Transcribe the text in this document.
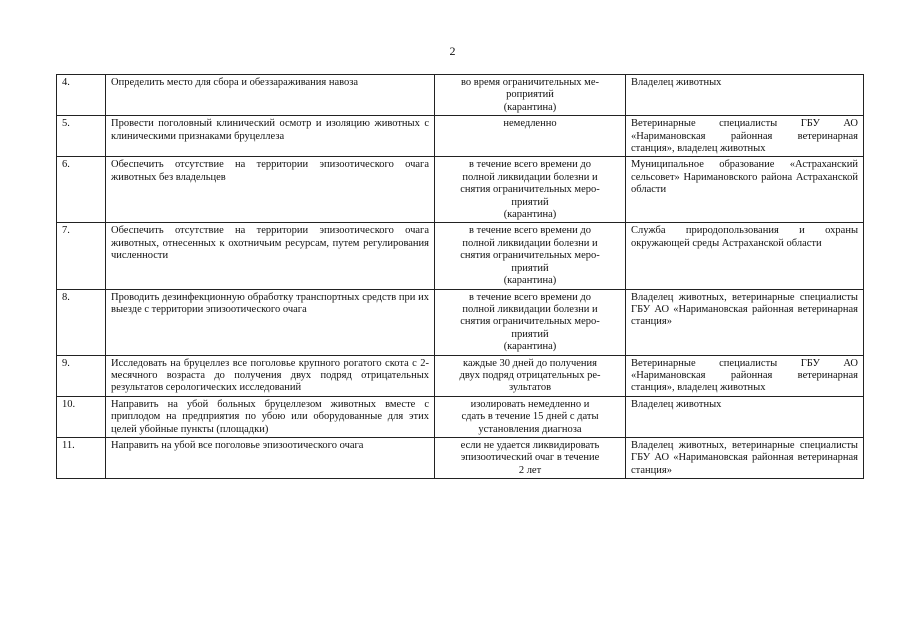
2
4.	Определить место для сбора и обеззараживания навоза	во время ограничительных ме-
роприятий
(карантина)	Владелец животных
5.	Провести поголовный клинический осмотр и изоляцию животных с клиническими признаками бруцеллеза	немедленно	Ветеринарные специалисты ГБУ АО «Наримановская районная ветеринарная станция», владелец животных
6.	Обеспечить отсутствие на территории эпизоотического очага животных без владельцев	в течение всего времени до
полной ликвидации болезни и
снятия ограничительных меро-
приятий
(карантина)	Муниципальное образование «Астраханский сельсовет» Наримановского района Астраханской области
7.	Обеспечить отсутствие на территории эпизоотического очага животных, отнесенных к охотничьим ресурсам, путем регулирования численности	в течение всего времени до
полной ликвидации болезни и
снятия ограничительных меро-
приятий
(карантина)	Служба природопользования и охраны окружающей среды Астраханской области
8.	Проводить дезинфекционную обработку транспортных средств при их выезде с территории эпизоотического очага	в течение всего времени до
полной ликвидации болезни и
снятия ограничительных меро-
приятий
(карантина)	Владелец животных, ветеринарные специалисты ГБУ АО «Наримановская районная ветеринарная станция»
9.	Исследовать на бруцеллез все поголовье крупного рогатого скота с 2-месячного возраста до получения двух подряд отрицательных результатов серологических исследований	каждые 30 дней до получения
двух подряд отрицательных ре-
зультатов	Ветеринарные специалисты ГБУ АО «Наримановская районная ветеринарная станция», владелец животных
10.	Направить на убой больных бруцеллезом животных вместе с приплодом на предприятия по убою или оборудованные для этих целей убойные пункты (площадки)	изолировать немедленно и
сдать в течение 15 дней с даты
установления диагноза	Владелец животных
11.	Направить на убой все поголовье эпизоотического очага	если не удается ликвидировать
эпизоотический очаг в течение
2 лет	Владелец животных, ветеринарные специалисты ГБУ АО «Наримановская районная ветеринарная станция»
